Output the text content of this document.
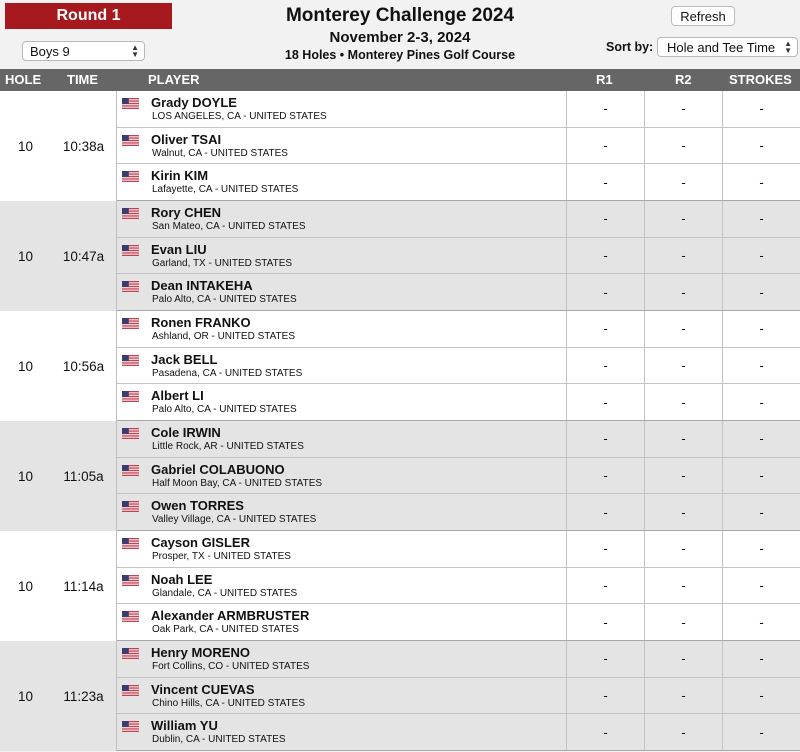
Round 1
Boys 9	▲
▼
Monterey Challenge 2024
November 2-3, 2024
18 Holes • Monterey Pines Golf Course
Refresh
Sort by: Hole and Tee Time ▲
▼
HOLE TIME	PLAYER	R1	R2	STROKES
10	10:38a
Grady DOYLE
LOS ANGELES, CA - UNITED STATES
-	-	-
Oliver TSAI
Walnut, CA - UNITED STATES
-	-	-
Kirin KIM
Lafayette, CA - UNITED STATES
-	-	-
10	10:47a
Rory CHEN
San Mateo, CA - UNITED STATES
-	-	-
Evan LIU
Garland, TX - UNITED STATES
-	-	-
Dean INTAKEHA
Palo Alto, CA - UNITED STATES
-	-	-
10	10:56a
Ronen FRANKO
Ashland, OR - UNITED STATES
-	-	-
Jack BELL
Pasadena, CA - UNITED STATES
-	-	-
Albert LI
Palo Alto, CA - UNITED STATES
-	-	-
10	11:05a
Cole IRWIN
Little Rock, AR - UNITED STATES
-	-	-
Gabriel COLABUONO
Half Moon Bay, CA - UNITED STATES
-	-	-
Owen TORRES
Valley Village, CA - UNITED STATES
-	-	-
10	11:14a
Cayson GISLER
Prosper, TX - UNITED STATES
-	-	-
Noah LEE
Glandale, CA - UNITED STATES
-	-	-
Alexander ARMBRUSTER
Oak Park, CA - UNITED STATES
-	-	-
10	11:23a
Henry MORENO
Fort Collins, CO - UNITED STATES
-	-	-
Vincent CUEVAS
Chino Hills, CA - UNITED STATES
-	-	-
William YU
Dublin, CA - UNITED STATES
-	-	-
